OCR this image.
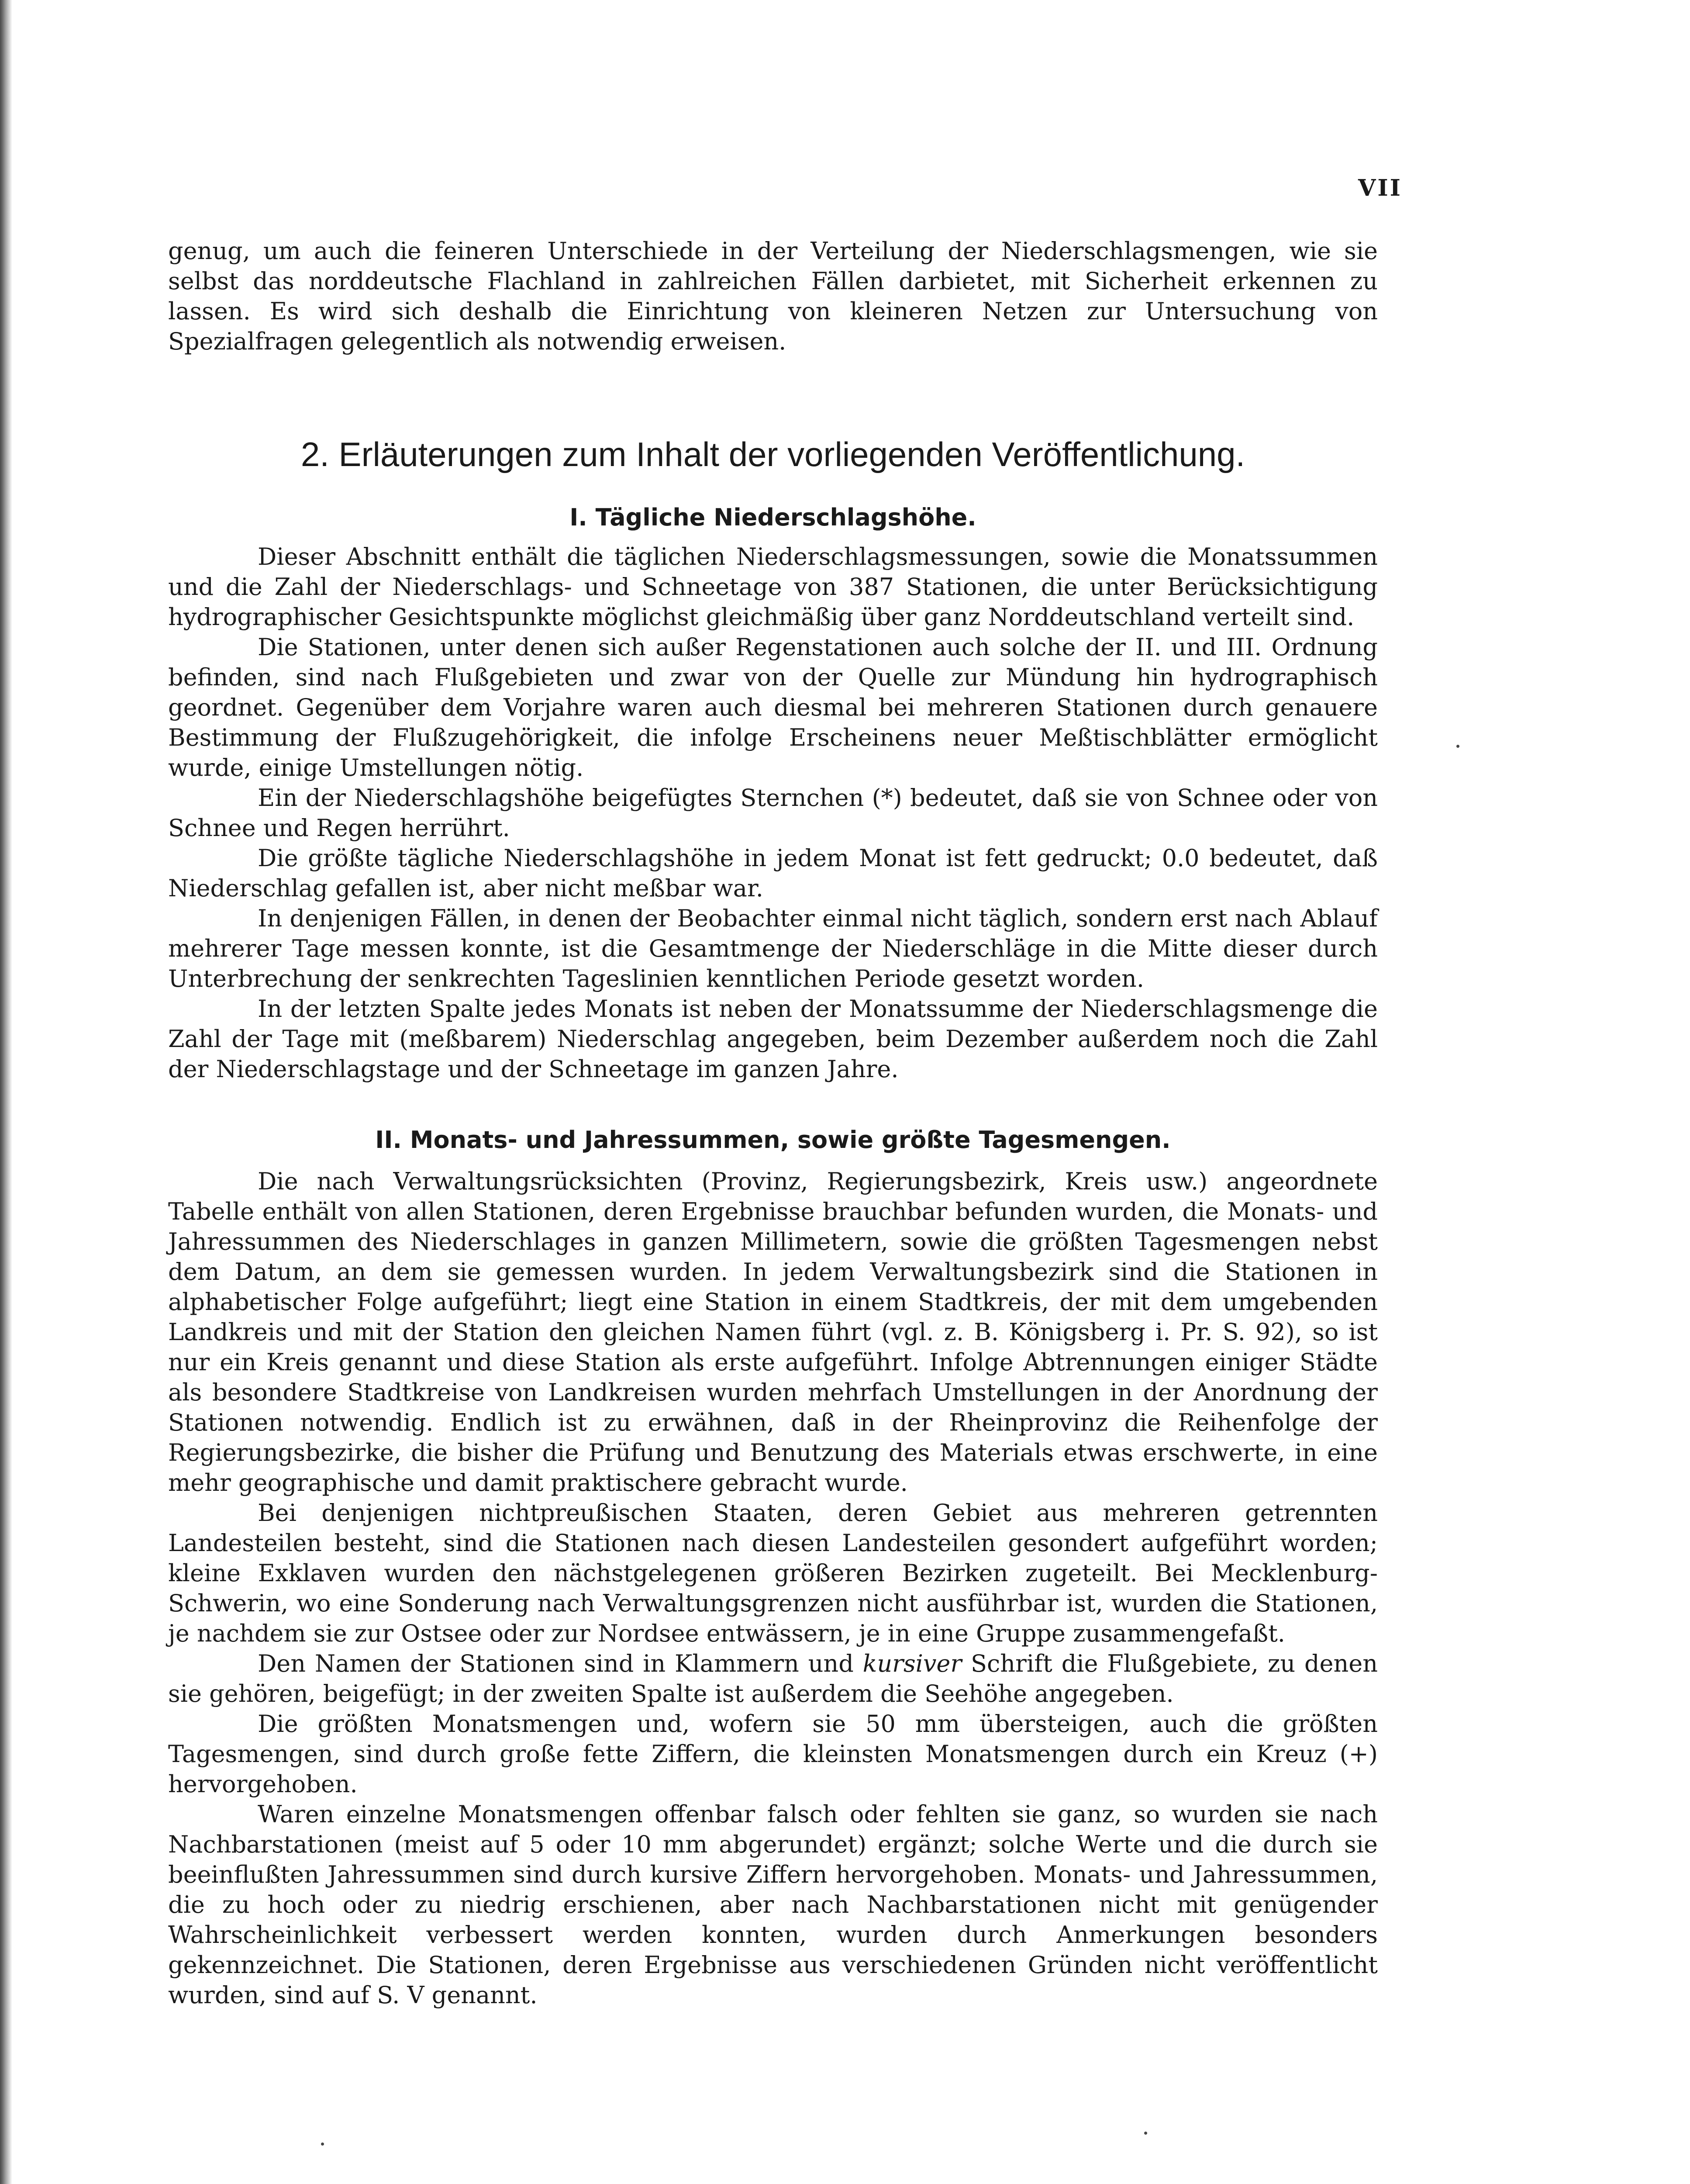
VII

genug, um auch die feineren Unterschiede in der Verteilung der Niederschlagsmengen, wie sie selbst das norddeutsche Flachland in zahlreichen Fällen darbietet, mit Sicherheit erkennen zu lassen. Es wird sich deshalb die Einrichtung von kleineren Netzen zur Untersuchung von Spezialfragen gelegentlich als notwendig erweisen.

2. Erläuterungen zum Inhalt der vorliegenden Veröffentlichung.
I. Tägliche Niederschlagshöhe.

Dieser Abschnitt enthält die täglichen Niederschlagsmessungen, sowie die Monatssummen und die Zahl der Niederschlags- und Schneetage von 387 Stationen, die unter Berücksichtigung hydrographischer Gesichtspunkte möglichst gleichmäßig über ganz Norddeutschland verteilt sind.

Die Stationen, unter denen sich außer Regenstationen auch solche der II. und III. Ordnung befinden, sind nach Flußgebieten und zwar von der Quelle zur Mündung hin hydrographisch geordnet. Gegenüber dem Vorjahre waren auch diesmal bei mehreren Stationen durch genauere Bestimmung der Flußzugehörigkeit, die infolge Erscheinens neuer Meßtischblätter ermöglicht wurde, einige Umstellungen nötig.

Ein der Niederschlagshöhe beigefügtes Sternchen (*) bedeutet, daß sie von Schnee oder von Schnee und Regen herrührt.

Die größte tägliche Niederschlagshöhe in jedem Monat ist fett gedruckt; 0.0 bedeutet, daß Niederschlag gefallen ist, aber nicht meßbar war.

In denjenigen Fällen, in denen der Beobachter einmal nicht täglich, sondern erst nach Ablauf mehrerer Tage messen konnte, ist die Gesamtmenge der Niederschläge in die Mitte dieser durch Unterbrechung der senkrechten Tageslinien kenntlichen Periode gesetzt worden.

In der letzten Spalte jedes Monats ist neben der Monatssumme der Niederschlagsmenge die Zahl der Tage mit (meßbarem) Niederschlag angegeben, beim Dezember außerdem noch die Zahl der Niederschlagstage und der Schneetage im ganzen Jahre.

II. Monats- und Jahressummen, sowie größte Tagesmengen.

Die nach Verwaltungsrücksichten (Provinz, Regierungsbezirk, Kreis usw.) angeordnete Tabelle enthält von allen Stationen, deren Ergebnisse brauchbar befunden wurden, die Monats- und Jahressummen des Niederschlages in ganzen Millimetern, sowie die größten Tagesmengen nebst dem Datum, an dem sie gemessen wurden. In jedem Verwaltungsbezirk sind die Stationen in alphabetischer Folge aufgeführt; liegt eine Station in einem Stadtkreis, der mit dem umgebenden Landkreis und mit der Station den gleichen Namen führt (vgl. z. B. Königsberg i. Pr. S. 92), so ist nur ein Kreis genannt und diese Station als erste aufgeführt. Infolge Abtrennungen einiger Städte als besondere Stadtkreise von Landkreisen wurden mehrfach Umstellungen in der Anordnung der Stationen notwendig. Endlich ist zu erwähnen, daß in der Rheinprovinz die Reihenfolge der Regierungsbezirke, die bisher die Prüfung und Benutzung des Materials etwas erschwerte, in eine mehr geographische und damit praktischere gebracht wurde.

Bei denjenigen nichtpreußischen Staaten, deren Gebiet aus mehreren getrennten Landesteilen besteht, sind die Stationen nach diesen Landesteilen gesondert aufgeführt worden; kleine Exklaven wurden den nächstgelegenen größeren Bezirken zugeteilt. Bei Mecklenburg-Schwerin, wo eine Sonderung nach Verwaltungsgrenzen nicht ausführbar ist, wurden die Stationen, je nachdem sie zur Ostsee oder zur Nordsee entwässern, je in eine Gruppe zusammengefaßt.

Den Namen der Stationen sind in Klammern und kursiver Schrift die Flußgebiete, zu denen sie gehören, beigefügt; in der zweiten Spalte ist außerdem die Seehöhe angegeben.

Die größten Monatsmengen und, wofern sie 50 mm übersteigen, auch die größten Tagesmengen, sind durch große fette Ziffern, die kleinsten Monatsmengen durch ein Kreuz (+) hervorgehoben.

Waren einzelne Monatsmengen offenbar falsch oder fehlten sie ganz, so wurden sie nach Nachbarstationen (meist auf 5 oder 10 mm abgerundet) ergänzt; solche Werte und die durch sie beeinflußten Jahressummen sind durch kursive Ziffern hervorgehoben. Monats- und Jahressummen, die zu hoch oder zu niedrig erschienen, aber nach Nachbarstationen nicht mit genügender Wahrscheinlichkeit verbessert werden konnten, wurden durch Anmerkungen besonders gekennzeichnet. Die Stationen, deren Ergebnisse aus verschiedenen Gründen nicht veröffentlicht wurden, sind auf S. V genannt.
